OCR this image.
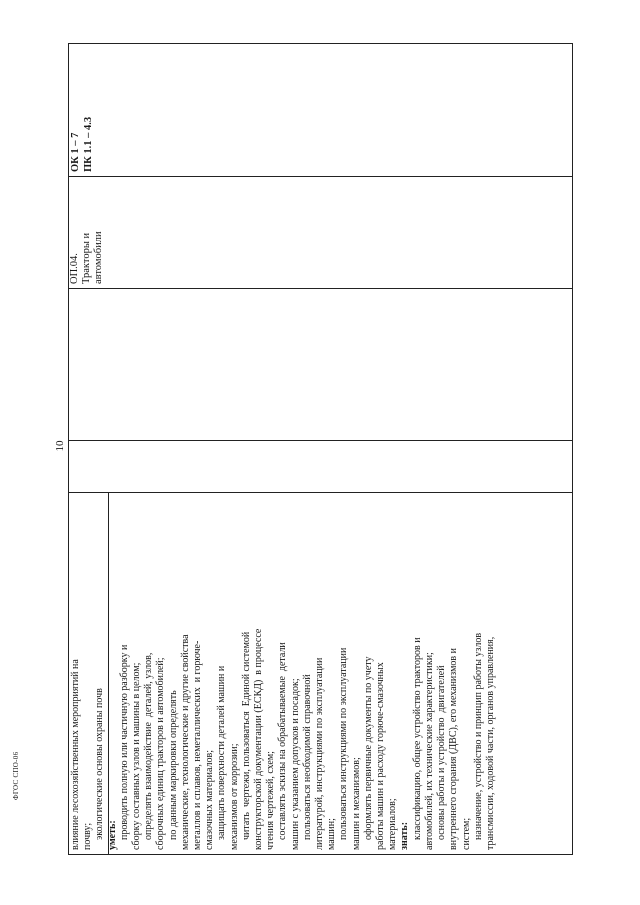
10

влияние лесохозяйственных мероприятий на почву; экологические основы охраны почв уметь: проводить полную или частичную разборку и сборку составных узлов и машины в целом; определять взаимодействие  деталей, узлов, сборочных единиц тракторов и автомобилей; по данным маркировки определять механические, технологические и другие свойства металлов и сплавов, неметаллических  и горюче- смазочных материалов; защищать поверхности деталей машин и механизмов от коррозии; читать  чертежи, пользоваться  Единой системой конструкторской документации (ЕСКД)  в процессе чтения чертежей, схем; составлять эскизы на обрабатываемые  детали машин с указанием допусков и посадок; пользоваться необходимой справочной литературой, инструкциями по эксплуатации машин; пользоваться инструкциями по эксплуатации машин и механизмов; оформлять первичные документы по учету работы машин и расходу горюче-смазочных материалов; знать: классификацию, общее устройство тракторов и автомобилей, их технические характеристики; основы работы и устройство  двигателей внутреннего сгорания (ДВС), его механизмов и систем; назначение, устройство и принцип работы узлов трансмиссии, ходовой части, органов управления,

ОП.04. Тракторы и автомобили
ОК 1 – 7 ПК 1.1 – 4.3
ФГОС СПО-06
